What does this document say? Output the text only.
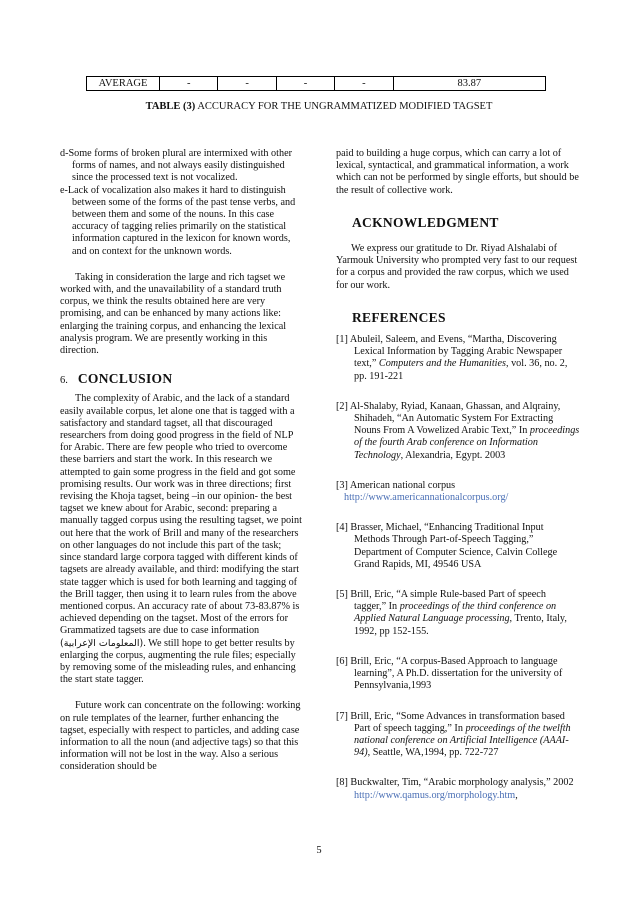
AVERAGE	-	-	-	-	83.87
TABLE (3) ACCURACY FOR THE UNGRAMMATIZED MODIFIED TAGSET

d-Some forms of broken plural are intermixed with other forms of names, and not always easily distinguished since the processed text is not vocalized.

e-Lack of vocalization also makes it hard to distinguish between some of the forms of the past tense verbs, and between them and some of the nouns. In this case accuracy of tagging relies primarily on the statistical information captured in the lexicon for known words, and on context for the unknown words.

Taking in consideration the large and rich tagset we worked with, and the unavailability of a standard truth corpus, we think the results obtained here are very promising, and can be enhanced by many actions like: enlarging the training corpus, and enhancing the lexical analysis program. We are presently working in this direction.

6. CONCLUSION

The complexity of Arabic, and the lack of a standard easily available corpus, let alone one that is tagged with a satisfactory and standard tagset, all that discouraged researchers from doing good progress in the field of NLP for Arabic. There are few people who tried to overcome these barriers and start the work. In this research we attempted to gain some progress in the field and got some promising results. Our work was in three directions; first revising the Khoja tagset, being –in our opinion- the best tagset we knew about for Arabic, second: preparing a manually tagged corpus using the resulting tagset, we point out here that the work of Brill and many of the researchers on other languages do not include this part of the task; since standard large corpora tagged with different kinds of tagsets are already available, and third: modifying the start state tagger which is used for both learning and tagging of the Brill tagger, then using it to learn rules from the above mentioned corpus. An accuracy rate of about 73-83.87% is achieved depending on the tagset. Most of the errors for Grammatized tagsets are due to case information (المعلومات الإعرابية). We still hope to get better results by enlarging the corpus, augmenting the rule files; especially by removing some of the misleading rules, and enhancing the start state tagger.

Future work can concentrate on the following: working on rule templates of the learner, further enhancing the tagset, especially with respect to particles, and adding case information to all the noun (and adjective tags) so that this information will not be lost in the way. Also a serious consideration should be

paid to building a huge corpus, which can carry a lot of lexical, syntactical, and grammatical information, a work which can not be performed by single efforts, but should be the result of collective work.

ACKNOWLEDGMENT

We express our gratitude to Dr. Riyad Alshalabi of Yarmouk University who prompted very fast to our request for a corpus and provided the raw corpus, which we used for our work.

REFERENCES

[1] Abuleil, Saleem, and Evens, “Martha, Discovering Lexical Information by Tagging Arabic Newspaper text,” Computers and the Humanities, vol. 36, no. 2, pp. 191-221

[2] Al-Shalaby, Ryiad, Kanaan, Ghassan, and Alqrainy, Shihadeh, “An Automatic System For Extracting Nouns From A Vowelized Arabic Text,” In proceedings of the fourth Arab conference on Information Technology, Alexandria, Egypt. 2003

[3] American national corpus
http://www.americannationalcorpus.org/

[4] Brasser, Michael, “Enhancing Traditional Input Methods Through Part-of-Speech Tagging,” Department of Computer Science, Calvin College Grand Rapids, MI, 49546 USA

[5] Brill, Eric, “A simple Rule-based Part of speech tagger,” In proceedings of the third conference on Applied Natural Language processing, Trento, Italy, 1992, pp 152-155.

[6] Brill, Eric, “A corpus-Based Approach to language learning”, A Ph.D. dissertation for the university of Pennsylvania,1993

[7] Brill, Eric, “Some Advances in transformation based Part of speech tagging,” In proceedings of the twelfth national conference on Artificial Intelligence (AAAI-94), Seattle, WA,1994, pp. 722-727

[8] Buckwalter, Tim, “Arabic morphology analysis,” 2002
http://www.qamus.org/morphology.htm,

5
